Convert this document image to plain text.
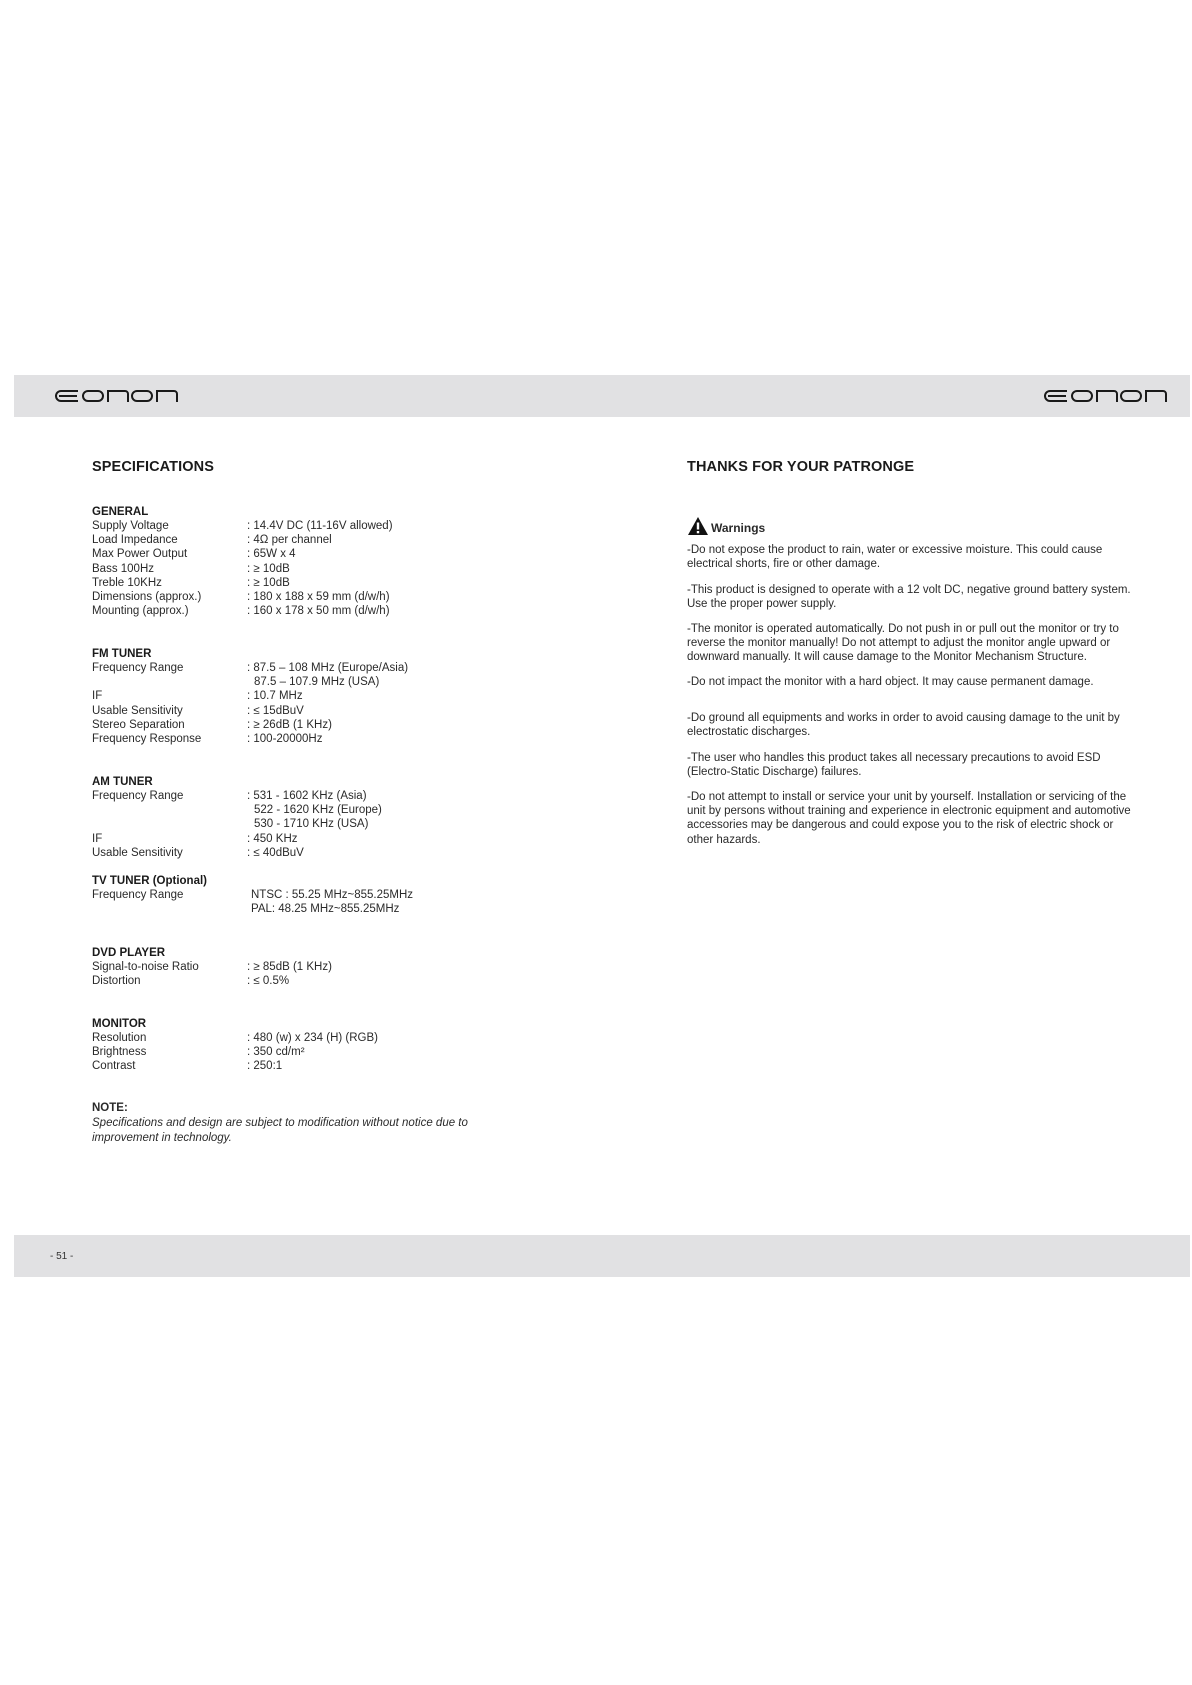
- 51 -
SPECIFICATIONS
GENERAL
Supply Voltage	: 14.4V DC (11-16V allowed)
Load Impedance	: 4Ω per channel
Max Power Output	: 65W x 4
Bass 100Hz	: ≥ 10dB
Treble 10KHz	: ≥ 10dB
Dimensions (approx.)	: 180 x 188 x 59 mm (d/w/h)
Mounting (approx.)	: 160 x 178 x 50 mm (d/w/h)
FM TUNER
Frequency Range	: 87.5 – 108 MHz (Europe/Asia)
87.5 – 107.9 MHz (USA)
IF	: 10.7 MHz
Usable Sensitivity	: ≤ 15dBuV
Stereo Separation	: ≥ 26dB (1 KHz)
Frequency Response	: 100-20000Hz
AM TUNER
Frequency Range	: 531 - 1602 KHz (Asia)
522 - 1620 KHz (Europe)
530 - 1710 KHz (USA)
IF	: 450 KHz
Usable Sensitivity	: ≤ 40dBuV
TV TUNER (Optional)
Frequency Range	NTSC : 55.25 MHz~855.25MHz
PAL: 48.25 MHz~855.25MHz
DVD PLAYER
Signal-to-noise Ratio	: ≥ 85dB (1 KHz)
Distortion	: ≤ 0.5%
MONITOR
Resolution	: 480 (w) x 234 (H) (RGB)
Brightness	: 350 cd/m²
Contrast	: 250:1
NOTE:
Specifications and design are subject to modification without notice due to improvement in technology.
THANKS FOR YOUR PATRONGE
Warnings
-Do not expose the product to rain, water or excessive moisture. This could cause electrical shorts, fire or other damage.
-This product is designed to operate with a 12 volt DC, negative ground battery system. Use the proper power supply.
-The monitor is operated automatically. Do not push in or pull out the monitor or try to reverse the monitor manually! Do not attempt to adjust the monitor angle upward or downward manually. It will cause damage to the Monitor Mechanism Structure.
-Do not impact the monitor with a hard object. It may cause permanent damage.
-Do ground all equipments and works in order to avoid causing damage to the unit by electrostatic discharges.
-The user who handles this product takes all necessary precautions to avoid ESD (Electro-Static Discharge) failures.
-Do not attempt to install or service your unit by yourself. Installation or servicing of the unit by persons without training and experience in electronic equipment and automotive accessories may be dangerous and could expose you to the risk of electric shock or other hazards.
